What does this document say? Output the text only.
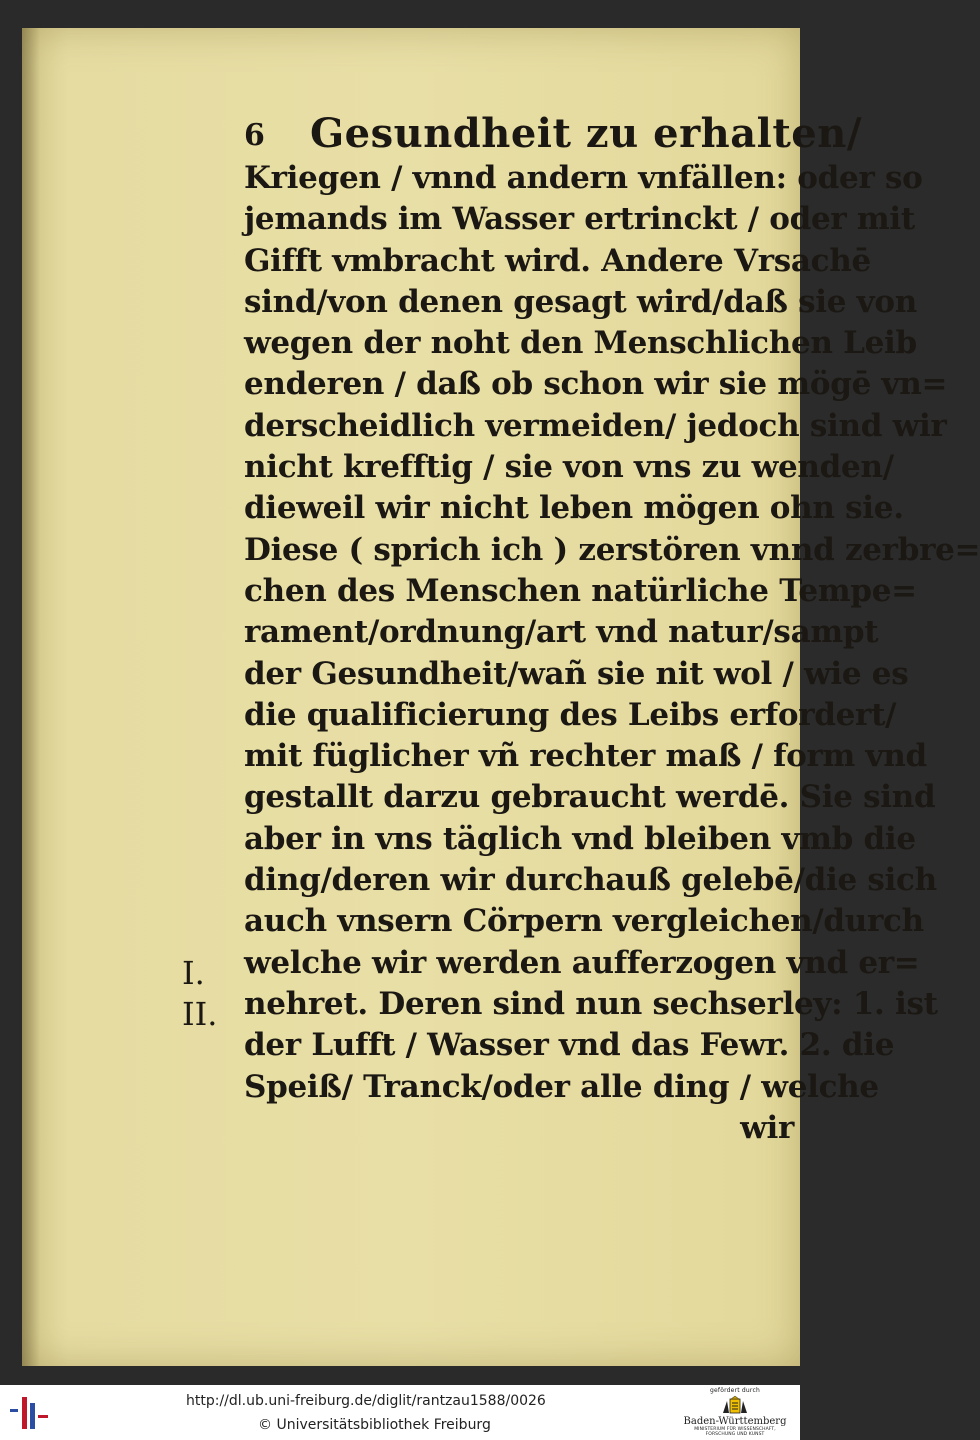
6 Gesundheit zu erhalten/
Kriegen / vnnd andern vnfällen: oder so
jemands im Wasser ertrinckt / oder mit
Gifft vmbracht wird. Andere Vrsachē
sind/von denen gesagt wird/daß sie von
wegen der noht den Menschlichen Leib
enderen / daß ob schon wir sie mögē vn=
derscheidlich vermeiden/ jedoch sind wir
nicht krefftig / sie von vns zu wenden/
dieweil wir nicht leben mögen ohn sie.
Diese ( sprich ich ) zerstören vnnd zerbre=
chen des Menschen natürliche Tempe=
rament/ordnung/art vnd natur/sampt
der Gesundheit/wañ sie nit wol / wie es
die qualificierung des Leibs erfordert/
mit füglicher vñ rechter maß / form vnd
gestallt darzu gebraucht werdē. Sie sind
aber in vns täglich vnd bleiben vmb die
ding/deren wir durchauß gelebē/die sich
auch vnsern Cörpern vergleichen/durch
welche wir werden aufferzogen vnd er=
nehret. Deren sind nun sechserley: 1. ist
der Lufft / Wasser vnd das Fewr. 2. die
Speiß/ Tranck/oder alle ding / welche
wir
I.
II.
http://dl.ub.uni-freiburg.de/diglit/rantzau1588/0026
© Universitätsbibliothek Freiburg
gefördert durch
Baden-Württemberg
MINISTERIUM FÜR WISSENSCHAFT, FORSCHUNG UND KUNST
